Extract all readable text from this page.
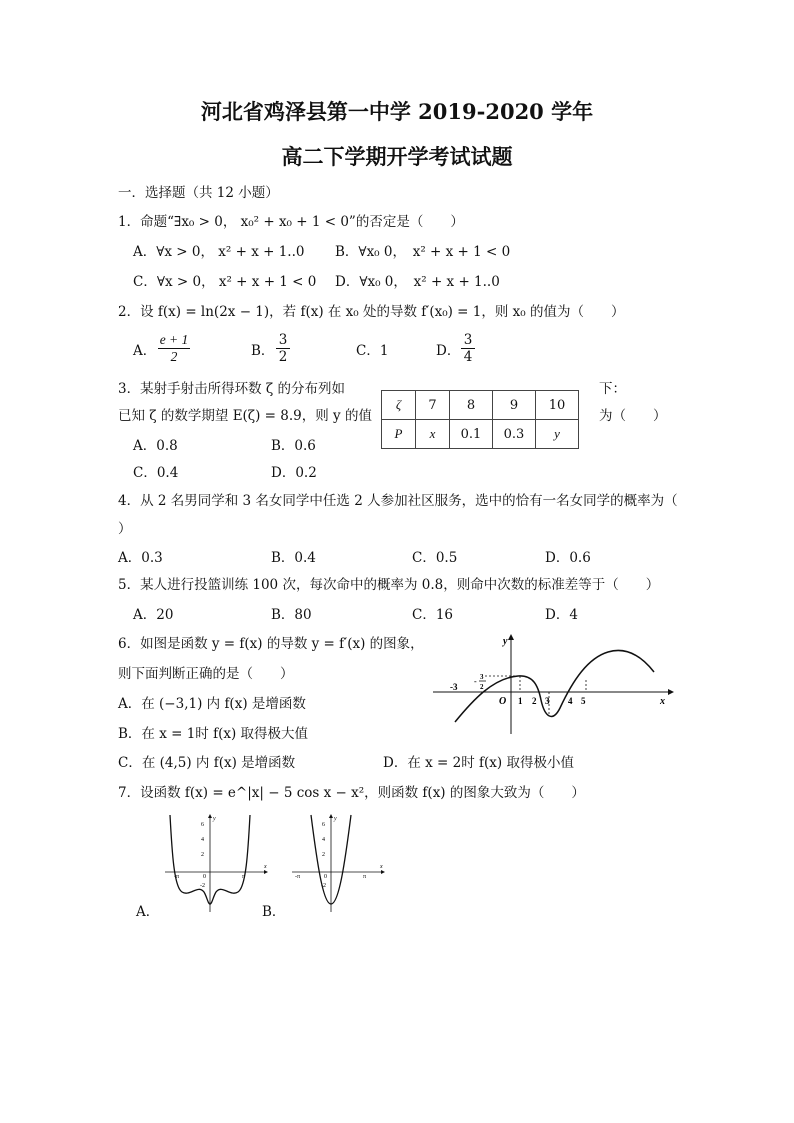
河北省鸡泽县第一中学 2019-2020 学年
高二下学期开学考试试题
一．选择题（共 12 小题）
1．命题“∃x₀ > 0， x₀² + x₀ + 1 < 0”的否定是（　　）
A．∀x > 0， x² + x + 1..0 B．∀x₀ 0，　x² + x + 1 < 0
C．∀x > 0， x² + x + 1 < 0 D．∀x₀ 0，　x² + x + 1..0
2．设 f(x) = ln(2x − 1)，若 f(x) 在 x₀ 处的导数 f′(x₀) = 1，则 x₀ 的值为（　　）
A． $\frac{e + 1}{2}$	B． $\frac{3}{2}$	C．1	D． $\frac{3}{4}$
3．某射手射击所得环数 ζ 的分布列如	下：
已知 ζ 的数学期望 E(ζ) = 8.9，则 y 的值	为（　　）
ζ	7	8	9	10
P	x	0.1	0.3	y
A．0.8	B．0.6
C．0.4	D．0.2
4．从 2 名男同学和 3 名女同学中任选 2 人参加社区服务，选中的恰有一名女同学的概率为（
）
A．0.3	B．0.4	C．0.5	D．0.6
5．某人进行投篮训练 100 次，每次命中的概率为 0.8，则命中次数的标准差等于（　　）
A．20	B．80	C．16	D．4
6．如图是函数 y = f(x) 的导数 y = f′(x) 的图象，
则下面判断正确的是（　　）
A．在 (−3,1) 内 f(x) 是增函数
B．在 x = 1时 f(x) 取得极大值
C．在 (4,5) 内 f(x) 是增函数	D．在 x = 2时 f(x) 取得极小值
y
x
O
-3
1 2 3 4 5
- 3
2
7．设函数 f(x) = e^|x| − 5 cos x − x²，则函数 f(x) 的图象大致为（　　）
A．
y
x
6
4
2
-2
0
-π	π
B．
y
x
6
4
2
-2
0
-π	π
